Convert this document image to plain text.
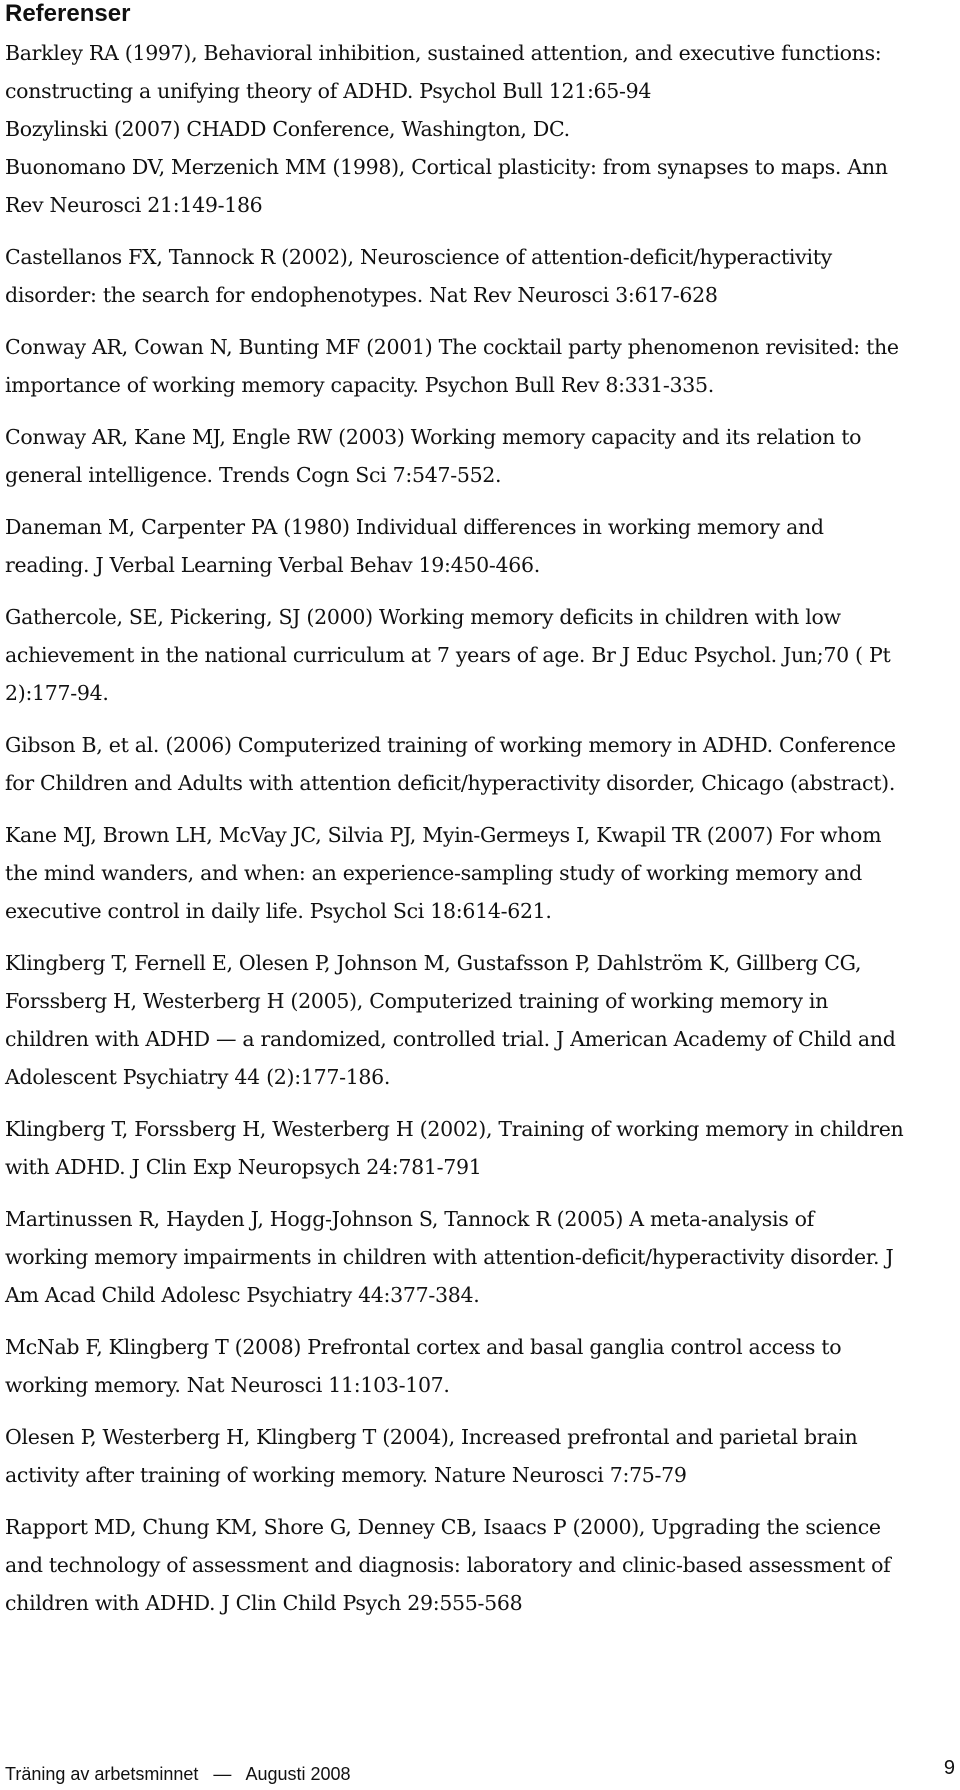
Referenser

Barkley RA (1997), Behavioral inhibition, sustained attention, and executive functions:
constructing a unifying theory of ADHD. Psychol Bull 121:65-94

Bozylinski (2007) CHADD Conference, Washington, DC.

Buonomano DV, Merzenich MM (1998), Cortical plasticity: from synapses to maps. Ann
Rev Neurosci 21:149-186

Castellanos FX, Tannock R (2002), Neuroscience of attention-deficit/hyperactivity
disorder: the search for endophenotypes. Nat Rev Neurosci 3:617-628

Conway AR, Cowan N, Bunting MF (2001) The cocktail party phenomenon revisited: the
importance of working memory capacity. Psychon Bull Rev 8:331-335.

Conway AR, Kane MJ, Engle RW (2003) Working memory capacity and its relation to
general intelligence. Trends Cogn Sci 7:547-552.

Daneman M, Carpenter PA (1980) Individual differences in working memory and
reading. J Verbal Learning Verbal Behav 19:450-466.

Gathercole, SE, Pickering, SJ (2000) Working memory deficits in children with low
achievement in the national curriculum at 7 years of age. Br J Educ Psychol. Jun;70 ( Pt
2):177-94.

Gibson B, et al. (2006) Computerized training of working memory in ADHD. Conference
for Children and Adults with attention deficit/hyperactivity disorder, Chicago (abstract).

Kane MJ, Brown LH, McVay JC, Silvia PJ, Myin-Germeys I, Kwapil TR (2007) For whom
the mind wanders, and when: an experience-sampling study of working memory and
executive control in daily life. Psychol Sci 18:614-621.

Klingberg T, Fernell E, Olesen P, Johnson M, Gustafsson P, Dahlström K, Gillberg CG,
Forssberg H, Westerberg H (2005), Computerized training of working memory in
children with ADHD — a randomized, controlled trial. J American Academy of Child and
Adolescent Psychiatry 44 (2):177-186.

Klingberg T, Forssberg H, Westerberg H (2002), Training of working memory in children
with ADHD. J Clin Exp Neuropsych 24:781-791

Martinussen R, Hayden J, Hogg-Johnson S, Tannock R (2005) A meta-analysis of
working memory impairments in children with attention-deficit/hyperactivity disorder. J
Am Acad Child Adolesc Psychiatry 44:377-384.

McNab F, Klingberg T (2008) Prefrontal cortex and basal ganglia control access to
working memory. Nat Neurosci 11:103-107.

Olesen P, Westerberg H, Klingberg T (2004), Increased prefrontal and parietal brain
activity after training of working memory. Nature Neurosci 7:75-79

Rapport MD, Chung KM, Shore G, Denney CB, Isaacs P (2000), Upgrading the science
and technology of assessment and diagnosis: laboratory and clinic-based assessment of
children with ADHD. J Clin Child Psych 29:555-568

Träning av arbetsminnet   —   Augusti 2008	9
